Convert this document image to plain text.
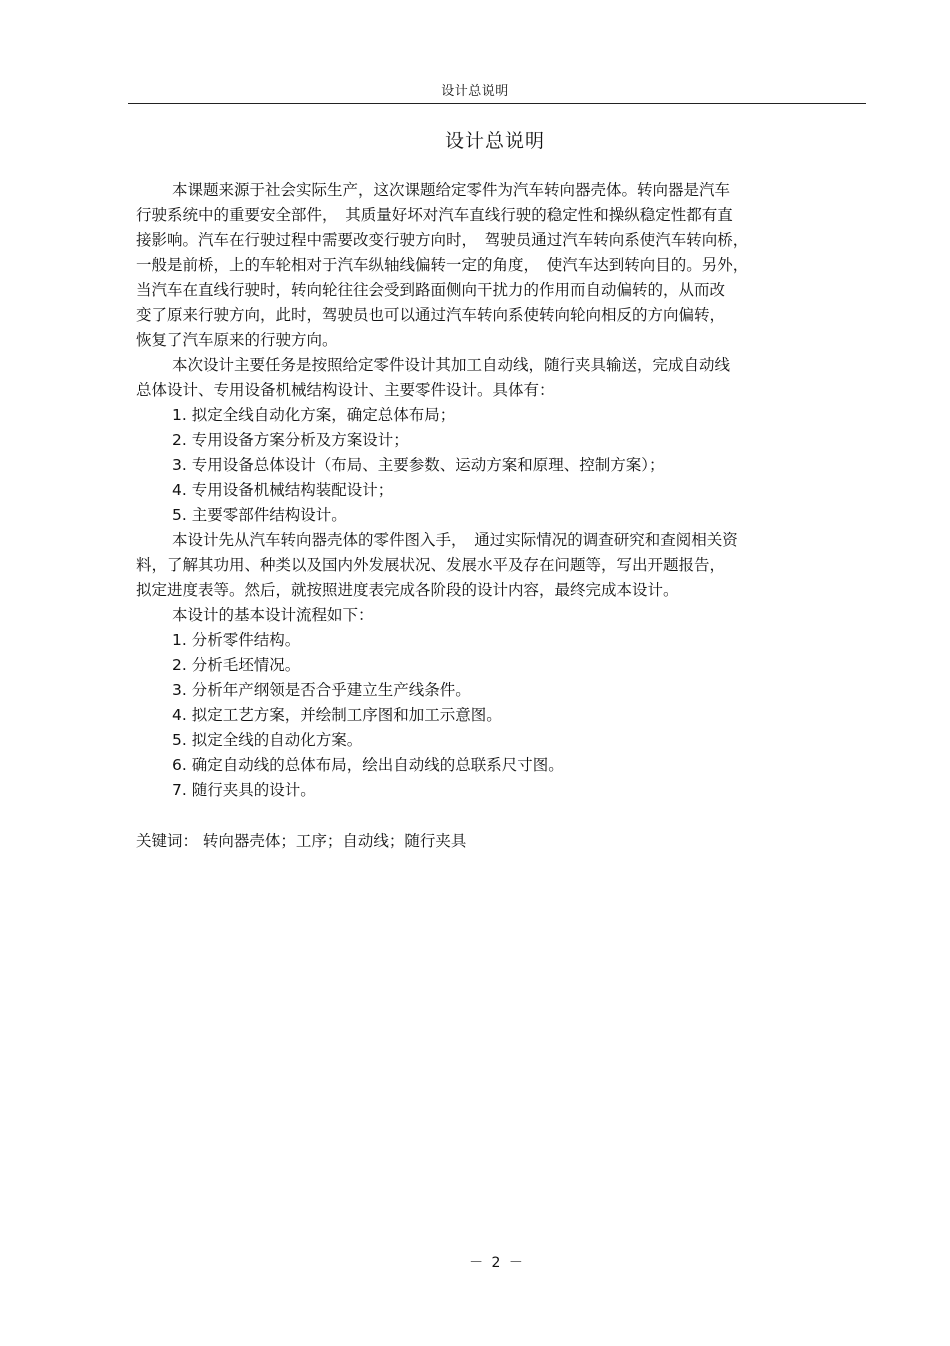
设计总说明
设计总说明
本课题来源于社会实际生产，这次课题给定零件为汽车转向器壳体。转向器是汽车
行驶系统中的重要安全部件，　其质量好坏对汽车直线行驶的稳定性和操纵稳定性都有直
接影响。汽车在行驶过程中需要改变行驶方向时，　驾驶员通过汽车转向系使汽车转向桥，
一般是前桥，上的车轮相对于汽车纵轴线偏转一定的角度，　使汽车达到转向目的。另外，
当汽车在直线行驶时，转向轮往往会受到路面侧向干扰力的作用而自动偏转的，从而改
变了原来行驶方向，此时，驾驶员也可以通过汽车转向系使转向轮向相反的方向偏转，
恢复了汽车原来的行驶方向。
本次设计主要任务是按照给定零件设计其加工自动线，随行夹具输送，完成自动线
总体设计、专用设备机械结构设计、主要零件设计。具体有：
1. 拟定全线自动化方案，确定总体布局；
2. 专用设备方案分析及方案设计；
3. 专用设备总体设计（布局、主要参数、运动方案和原理、控制方案）；
4. 专用设备机械结构装配设计；
5. 主要零部件结构设计。
本设计先从汽车转向器壳体的零件图入手，　通过实际情况的调查研究和查阅相关资
料，了解其功用、种类以及国内外发展状况、发展水平及存在问题等，写出开题报告，
拟定进度表等。然后，就按照进度表完成各阶段的设计内容，最终完成本设计。
本设计的基本设计流程如下：
1. 分析零件结构。
2. 分析毛坯情况。
3. 分析年产纲领是否合乎建立生产线条件。
4. 拟定工艺方案，并绘制工序图和加工示意图。
5. 拟定全线的自动化方案。
6. 确定自动线的总体布局，绘出自动线的总联系尺寸图。
7. 随行夹具的设计。
关键词： 转向器壳体；工序；自动线；随行夹具
－ 2 －
